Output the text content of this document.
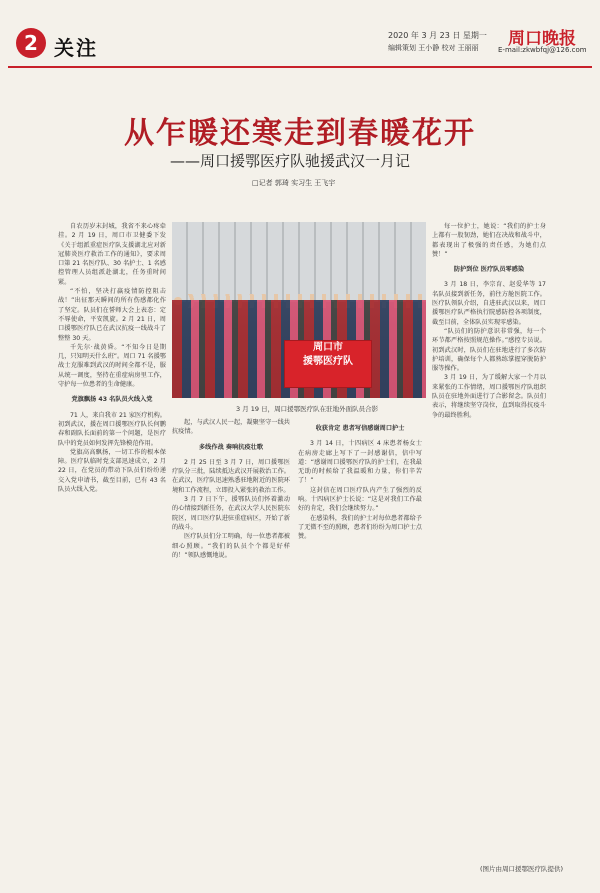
2 关注
2020 年 3 月 23 日 星期一
编辑策划 王小静 校对 王丽丽 周口晚报
E-mail:zkwbfqj@126.com
从乍暖还寒走到春暖花开
——周口援鄂医疗队驰援武汉一月记
□记者 郭琦 实习生 王飞宇

自农历岁末封城，我省不来心疼牵挂。2 月 19 日，周口市卫健委下发《关于组派重症医疗队支援湖北应对新冠肺炎医疗救治工作的通知》，要求周口第 21 名医疗队、30 名护士、1 名感控管理人员组派赴湖北，任务重时间紧。

“不怕，坚决打赢疫情防控阻击战！”出征那天瞬间的所有伤感都化作了坚定。队员们在誓师大会上表态：定不辱使命，平安凯旋。2 月 21 日，周口援鄂医疗队已在武汉抗疫一线战斗了整整 30 天。

千先尔·战黄昏。“不知今日是期几，只知明天什么班”。周口 71 名援鄂战士克服难到武汉的时间全都不是，服从统一调度，坚持在重症病房里工作，守护每一位患者的生命健康。

党旗飘扬 43 名队员火线入党

71 人，来自我市 21 家医疗机构。初到武汉，援在周口援鄂医疗队长何鹏春和副队长面前的第一个问题，是医疗队中的党员如何发挥先锋模范作用。

党旗高高飘扬，一切工作的根本保障。医疗队临时党支部迅速成立，2 月 22 日，在党员的带动下队员们纷纷递交入党申请书，截至目前，已有 43 名队员火线入党。

周口市
援鄂医疗队
3 月 19 日，周口援鄂医疗队在驻地外面队员合影

起，与武汉人民一起，凝聚坚守一线共抗疫情。

多线作战 奏响抗疫壮歌

2 月 25 日至 3 月 7 日，周口援鄂医疗队分三批，陆续抵达武汉开展救治工作。在武汉，医疗队迅速熟悉驻地附近的医院环境和工作流程，立即投入紧张的救治工作。

3 月 7 日下午，援鄂队员们怀着激动的心情接到新任务，在武汉大学人民医院东院区，周口医疗队进驻重症病区，开始了新的战斗。

医疗队员们分工明确，每一位患者都被细心照顾。“我们的队员个个都是好样的！”领队感慨地说。

收获肯定 患者写信感谢周口护士

3 月 14 日，十四病区 4 床患者杨女士在病房走廊上写下了一封感谢信，信中写道：“感谢周口援鄂医疗队的护士们，在我最无助的时候给了我温暖和力量，你们辛苦了！”

这封信在周口医疗队内产生了强烈的反响。十四病区护士长说：“这是对我们工作最好的肯定，我们会继续努力。”

在感染科，我们的护士对每位患者都给予了无微不至的照顾，患者们纷纷为周口护士点赞。

每一位护士，她说：“我们的护士身上都有一股韧劲，她们在决战和战斗中，都表现出了极强的责任感，为她们点赞！”

防护到位 医疗队员零感染

3 月 18 日，李宗育、赵爱华等 17 名队员接到新任务，前往方舱医院工作。医疗队领队介绍，自进驻武汉以来，周口援鄂医疗队严格执行院感防控各项制度，截至目前，全体队员实现零感染。

“队员们的防护意识非常强，每一个环节都严格按照规范操作。”感控专员说。初到武汉时，队员们在驻地进行了多次防护培训，确保每个人都熟练掌握穿脱防护服等操作。

3 月 19 日，为了缓解大家一个月以来紧张的工作情绪，周口援鄂医疗队组织队员在驻地外面进行了合影留念。队员们表示，将继续坚守岗位，直到取得抗疫斗争的最终胜利。

(图片由周口援鄂医疗队提供)
